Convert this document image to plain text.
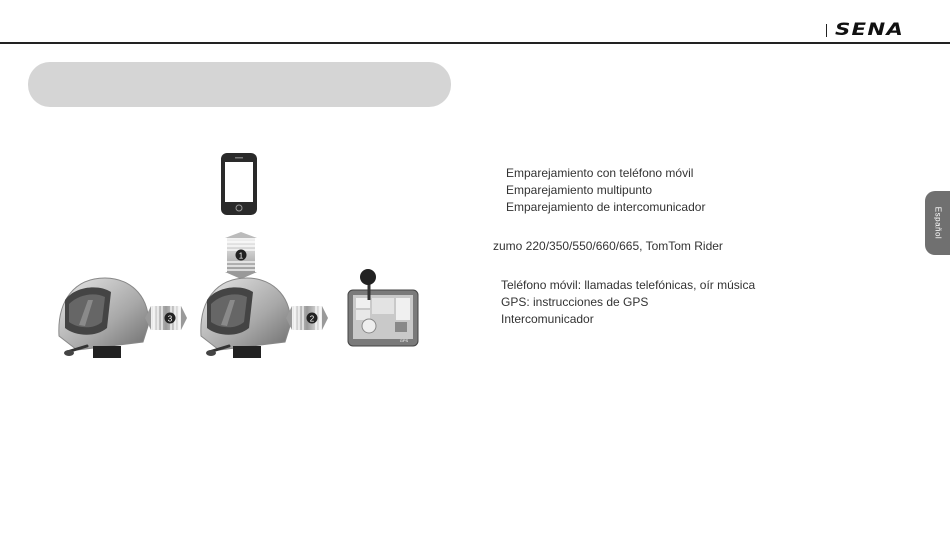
SENA
Español
Emparejamiento con teléfono móvil
Emparejamiento multipunto
Emparejamiento de intercomunicador
zumo 220/350/550/660/665, TomTom Rider
Teléfono móvil: llamadas telefónicas, oír música
GPS: instrucciones de GPS
Intercomunicador
1
3	2
GPS
